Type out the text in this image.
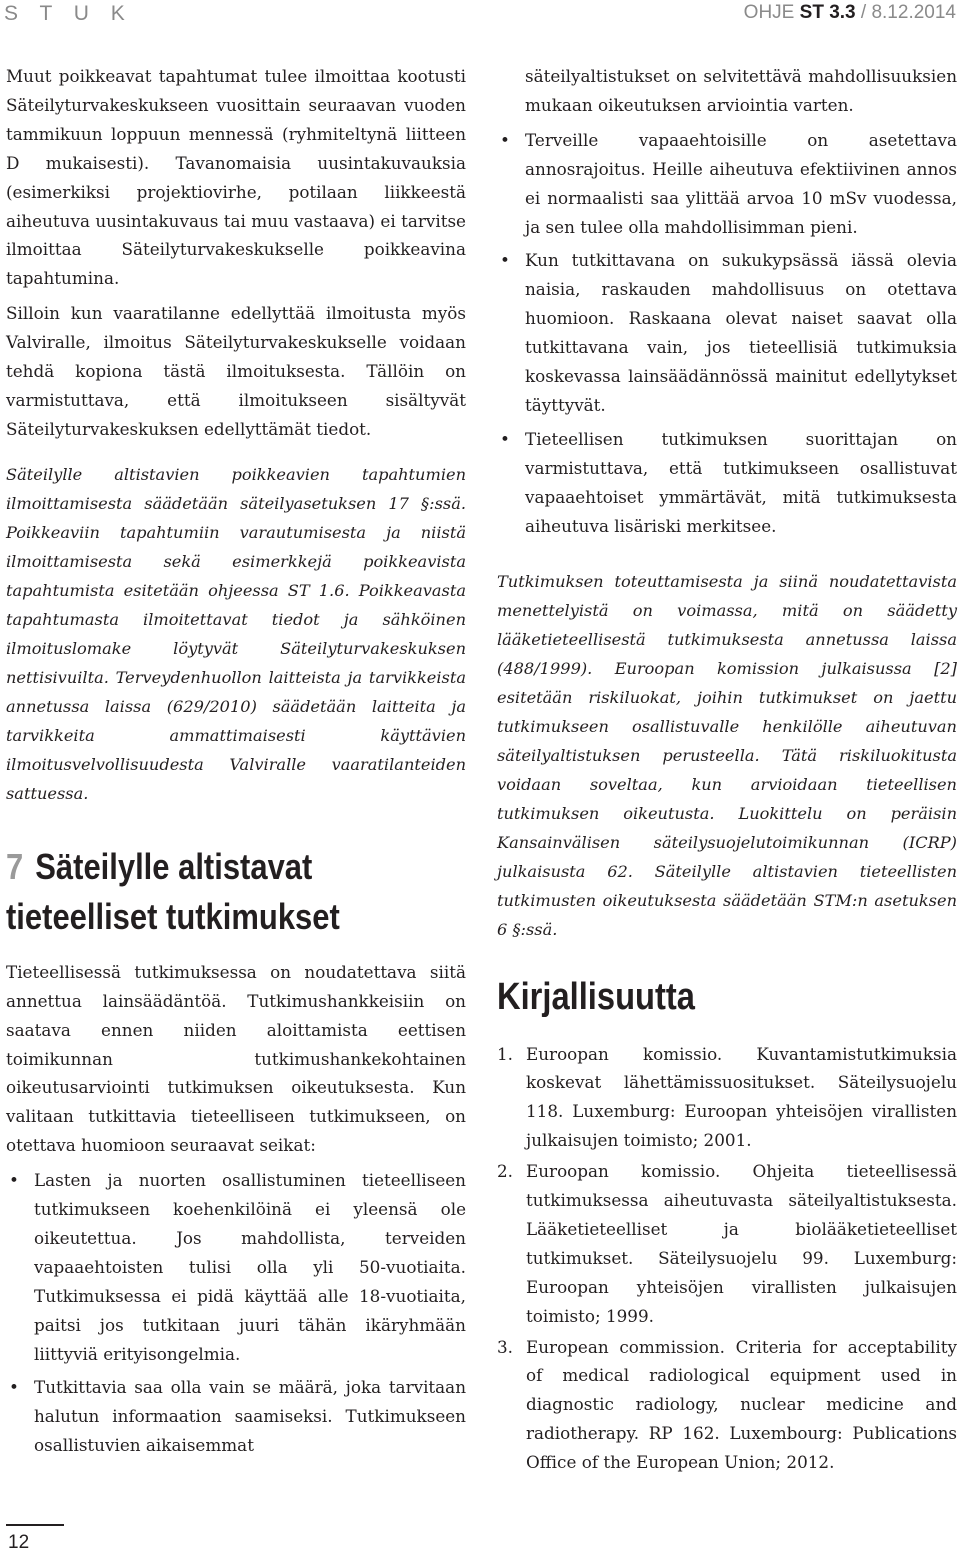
S T U K	OHJE ST 3.3 / 8.12.2014

Muut poikkeavat tapahtumat tulee ilmoittaa kootusti Säteilyturvakeskukseen vuosittain seuraavan vuoden tammikuun loppuun mennessä (ryhmiteltynä liitteen D mukaisesti). Tavanomaisia uusintakuvauksia (esimerkiksi projektiovirhe, potilaan liikkeestä aiheutuva uusintakuvaus tai muu vastaava) ei tarvitse ilmoittaa Säteilyturvakeskukselle poikkeavina tapahtumina.

Silloin kun vaaratilanne edellyttää ilmoitusta myös Valviralle, ilmoitus Säteilyturvakeskukselle voidaan tehdä kopiona tästä ilmoituksesta. Tällöin on varmistuttava, että ilmoitukseen sisältyvät Säteilyturvakeskuksen edellyttämät tiedot.

Säteilylle altistavien poikkeavien tapahtumien ilmoittamisesta säädetään säteilyasetuksen 17 §:ssä. Poikkeaviin tapahtumiin varautumisesta ja niistä ilmoittamisesta sekä esimerkkejä poikkeavista tapahtumista esitetään ohjeessa ST 1.6. Poikkeavasta tapahtumasta ilmoitettavat tiedot ja sähköinen ilmoituslomake löytyvät Säteilyturvakeskuksen nettisivuilta. Terveydenhuollon laitteista ja tarvikkeista annetussa laissa (629/2010) säädetään laitteita ja tarvikkeita ammattimaisesti käyttävien ilmoitusvelvollisuudesta Valviralle vaaratilanteiden sattuessa.

7 Säteilylle altistavat tieteelliset tutkimukset

Tieteellisessä tutkimuksessa on noudatettava siitä annettua lainsäädäntöä. Tutkimushankkeisiin on saatava ennen niiden aloittamista eettisen toimikunnan tutkimushankekohtainen oikeutusarviointi tutkimuksen oikeutuksesta. Kun valitaan tutkittavia tieteelliseen tutkimukseen, on otettava huomioon seuraavat seikat:

• Lasten ja nuorten osallistuminen tieteelliseen tutkimukseen koehenkilöinä ei yleensä ole oikeutettua. Jos mahdollista, terveiden vapaaehtoisten tulisi olla yli 50-vuotiaita. Tutkimuksessa ei pidä käyttää alle 18-vuotiaita, paitsi jos tutkitaan juuri tähän ikäryhmään liittyviä erityisongelmia.
• Tutkittavia saa olla vain se määrä, joka tarvitaan halutun informaation saamiseksi. Tutkimukseen osallistuvien aikaisemmat

säteilyaltistukset on selvitettävä mahdollisuuksien mukaan oikeutuksen arviointia varten.

• Terveille vapaaehtoisille on asetettava annosrajoitus. Heille aiheutuva efektiivinen annos ei normaalisti saa ylittää arvoa 10 mSv vuodessa, ja sen tulee olla mahdollisimman pieni.
• Kun tutkittavana on sukukypsässä iässä olevia naisia, raskauden mahdollisuus on otettava huomioon. Raskaana olevat naiset saavat olla tutkittavana vain, jos tieteellisiä tutkimuksia koskevassa lainsäädännössä mainitut edellytykset täyttyvät.
• Tieteellisen tutkimuksen suorittajan on varmistuttava, että tutkimukseen osallistuvat vapaaehtoiset ymmärtävät, mitä tutkimuksesta aiheutuva lisäriski merkitsee.

Tutkimuksen toteuttamisesta ja siinä noudatettavista menettelyistä on voimassa, mitä on säädetty lääketieteellisestä tutkimuksesta annetussa laissa (488/1999). Euroopan komission julkaisussa [2] esitetään riskiluokat, joihin tutkimukset on jaettu tutkimukseen osallistuvalle henkilölle aiheutuvan säteilyaltistuksen perusteella. Tätä riskiluokitusta voidaan soveltaa, kun arvioidaan tieteellisen tutkimuksen oikeutusta. Luokittelu on peräisin Kansainvälisen säteilysuojelutoimikunnan (ICRP) julkaisusta 62. Säteilylle altistavien tieteellisten tutkimusten oikeutuksesta säädetään STM:n asetuksen 6 §:ssä.

Kirjallisuutta
1. Euroopan komissio. Kuvantamistutkimuksia koskevat lähettämissuositukset. Säteilysuojelu 118. Luxemburg: Euroopan yhteisöjen virallisten julkaisujen toimisto; 2001.
2. Euroopan komissio. Ohjeita tieteellisessä tutkimuksessa aiheutuvasta säteilyaltistuksesta. Lääketieteelliset ja biolääketieteelliset tutkimukset. Säteilysuojelu 99. Luxemburg: Euroopan yhteisöjen virallisten julkaisujen toimisto; 1999.
3. European commission. Criteria for acceptability of medical radiological equipment used in diagnostic radiology, nuclear medicine and radiotherapy. RP 162. Luxembourg: Publications Office of the European Union; 2012.
12
